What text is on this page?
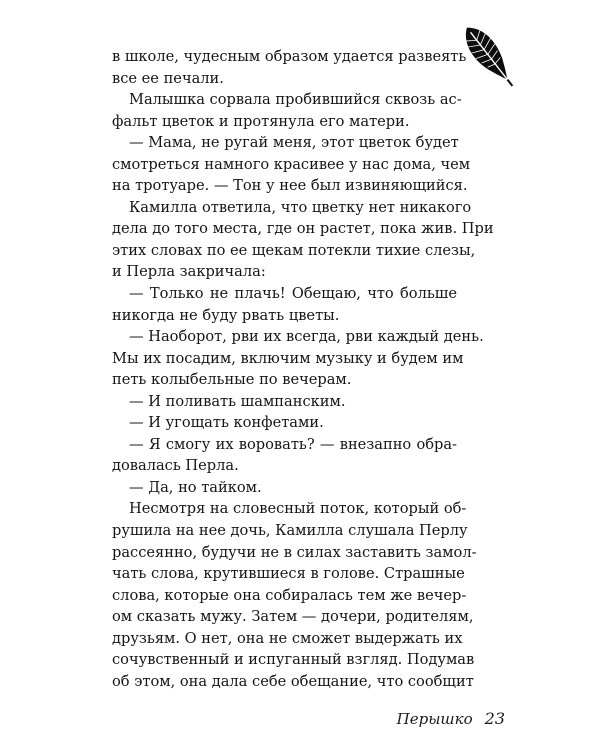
в школе, чудесным образом удается развеять
все ее печали.
Малышка сорвала пробившийся сквозь ас-
фальт цветок и протянула его матери.
— Мама, не ругай меня, этот цветок будет
смотреться намного красивее у нас дома, чем
на тротуаре. — Тон у нее был извиняющийся.
Камилла ответила, что цветку нет никакого
дела до того места, где он растет, пока жив. При
этих словах по ее щекам потекли тихие слезы,
и Перла закричала:
— Только не плачь! Обещаю, что больше
никогда не буду рвать цветы.
— Наоборот, рви их всегда, рви каждый день.
Мы их посадим, включим музыку и будем им
петь колыбельные по вечерам.
— И поливать шампанским.
— И угощать конфетами.
— Я смогу их воровать? — внезапно обра-
довалась Перла.
— Да, но тайком.
Несмотря на словесный поток, который об-
рушила на нее дочь, Камилла слушала Перлу
рассеянно, будучи не в силах заставить замол-
чать слова, крутившиеся в голове. Страшные
слова, которые она собиралась тем же вечер-
ом сказать мужу. Затем — дочери, родителям,
друзьям. О нет, она не сможет выдержать их
сочувственный и испуганный взгляд. Подумав
об этом, она дала себе обещание, что сообщит
Перышко 23
